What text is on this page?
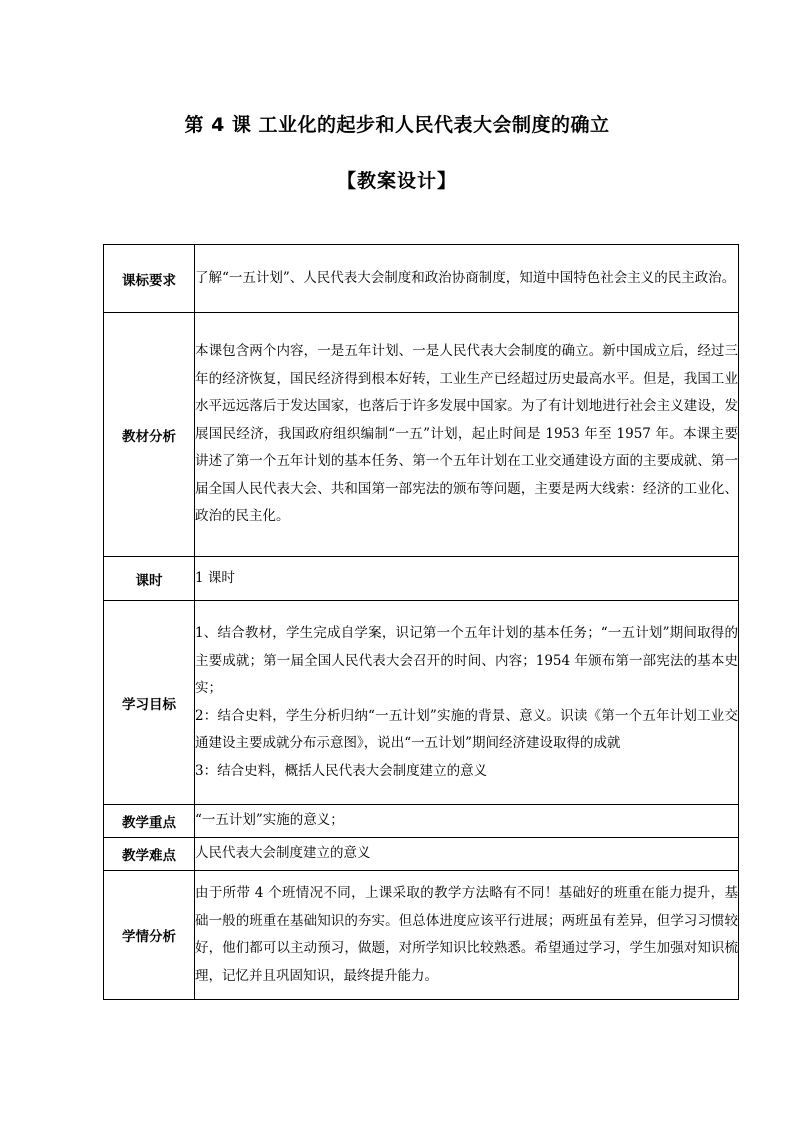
第 4 课 工业化的起步和人民代表大会制度的确立
【教案设计】
课标要求	了解“一五计划”、人民代表大会制度和政治协商制度，知道中国特色社会主义的民主政治。
教材分析	本课包含两个内容，一是五年计划、一是人民代表大会制度的确立。新中国成立后，经过三年的经济恢复，国民经济得到根本好转，工业生产已经超过历史最高水平。但是，我国工业水平远远落后于发达国家，也落后于许多发展中国家。为了有计划地进行社会主义建设，发展国民经济，我国政府组织编制“一五”计划，起止时间是 1953 年至 1957 年。本课主要讲述了第一个五年计划的基本任务、第一个五年计划在工业交通建设方面的主要成就、第一届全国人民代表大会、共和国第一部宪法的颁布等问题，主要是两大线索：经济的工业化、政治的民主化。
课时	1 课时
学习目标	1、结合教材，学生完成自学案，识记第一个五年计划的基本任务；“一五计划”期间取得的主要成就；第一届全国人民代表大会召开的时间、内容；1954 年颁布第一部宪法的基本史实；

2：结合史料，学生分析归纳“一五计划”实施的背景、意义。识读《第一个五年计划工业交通建设主要成就分布示意图》，说出“一五计划”期间经济建设取得的成就

3：结合史料，概括人民代表大会制度建立的意义

教学重点	“一五计划”实施的意义；
教学难点	人民代表大会制度建立的意义
学情分析	由于所带 4 个班情况不同，上课采取的教学方法略有不同！基础好的班重在能力提升，基础一般的班重在基础知识的夯实。但总体进度应该平行进展；两班虽有差异，但学习习惯较好，他们都可以主动预习，做题，对所学知识比较熟悉。希望通过学习，学生加强对知识梳理，记忆并且巩固知识，最终提升能力。
